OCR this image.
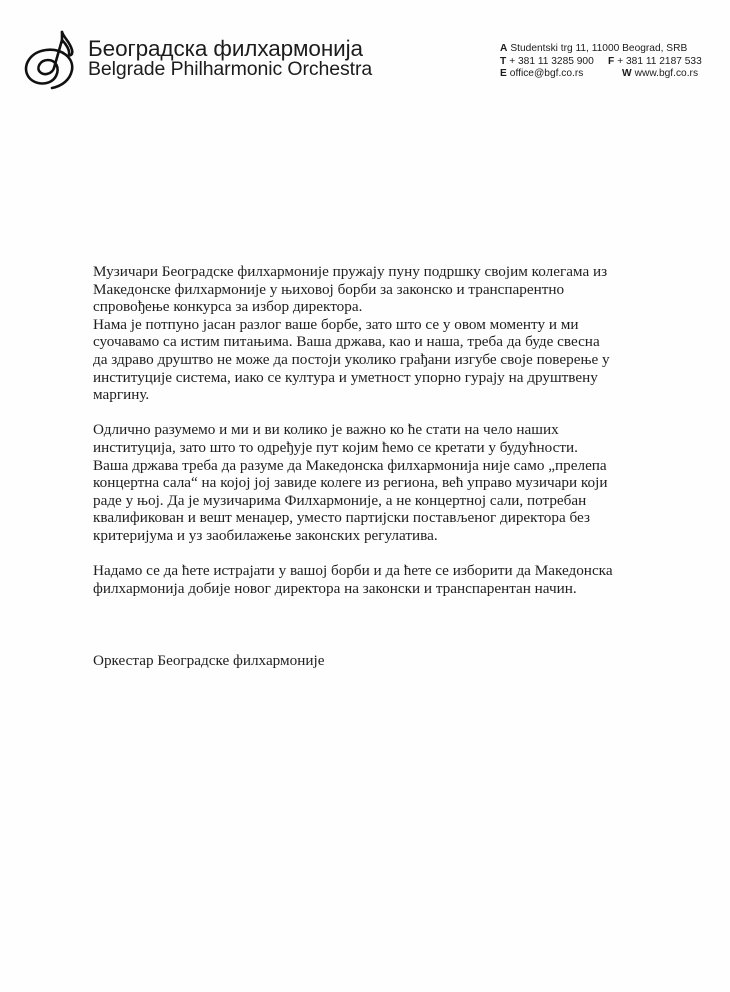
Београдска филхармонија
Belgrade Philharmonic Orchestra
A Studentski trg 11, 11000 Beograd, SRB
T + 381 11 3285 900	F + 381 11 2187 533
E office@bgf.co.rs	W www.bgf.co.rs
Музичари Београдске филхармоније пружају пуну подршку својим колегама из
Македонске филхармоније у њиховој борби за законско и транспарентно
спровођење конкурса за избор директора.
Нама је потпуно јасан разлог ваше борбе, зато што се у овом моменту и ми
суочавамо са истим питањима. Ваша држава, као и наша, треба да буде свесна
да здраво друштво не може да постоји уколико грађани изгубе своје поверење у
институције система, иако се култура и уметност упорно гурају на друштвену
маргину.
Одлично разумемо и ми и ви колико је важно ко ће стати на чело наших
институција, зато што то одређује пут којим ћемо се кретати у будућности.
Ваша држава треба да разуме да Македонска филхармонија није само „прелепа
концертна сала“ на којој јој завиде колеге из региона, већ управо музичари који
раде у њој. Да је музичарима Филхармоније, а не концертној сали, потребан
квалификован и вешт менаџер, уместо партијски постављеног директора без
критеријума и уз заобилажење законских регулатива.
Надамо се да ћете истрајати у вашој борби и да ћете се изборити да Македонска
филхармонија добије новог директора на законски и транспарентан начин.
Оркестар Београдске филхармоније
